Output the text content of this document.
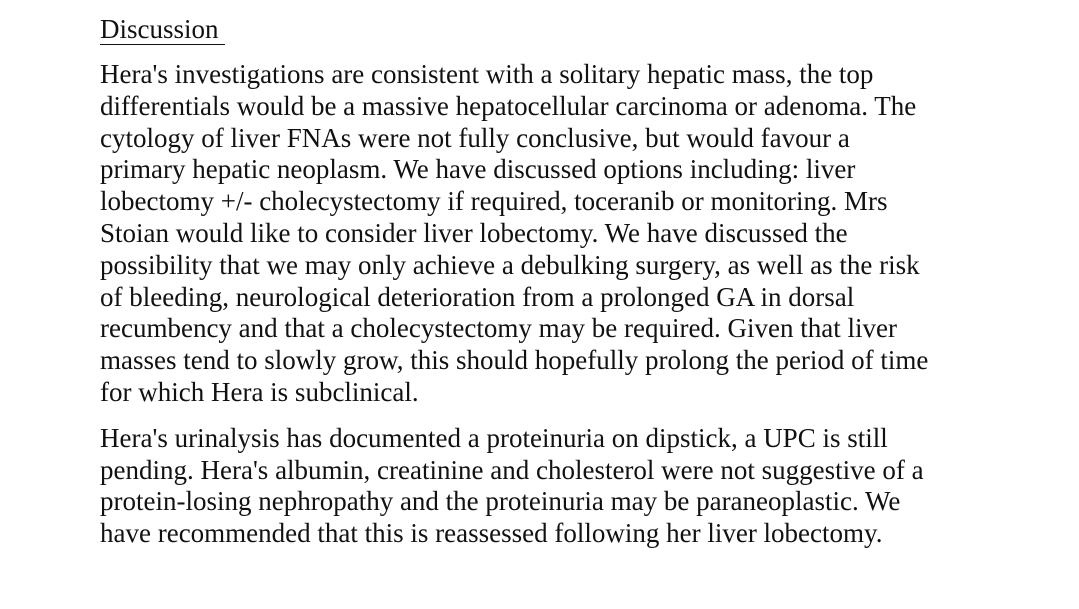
Discussion

Hera's investigations are consistent with a solitary hepatic mass, the top
differentials would be a massive hepatocellular carcinoma or adenoma. The
cytology of liver FNAs were not fully conclusive, but would favour a
primary hepatic neoplasm. We have discussed options including: liver
lobectomy +/- cholecystectomy if required, toceranib or monitoring. Mrs
Stoian would like to consider liver lobectomy. We have discussed the
possibility that we may only achieve a debulking surgery, as well as the risk
of bleeding, neurological deterioration from a prolonged GA in dorsal
recumbency and that a cholecystectomy may be required. Given that liver
masses tend to slowly grow, this should hopefully prolong the period of time
for which Hera is subclinical.

Hera's urinalysis has documented a proteinuria on dipstick, a UPC is still
pending. Hera's albumin, creatinine and cholesterol were not suggestive of a
protein-losing nephropathy and the proteinuria may be paraneoplastic. We
have recommended that this is reassessed following her liver lobectomy.
